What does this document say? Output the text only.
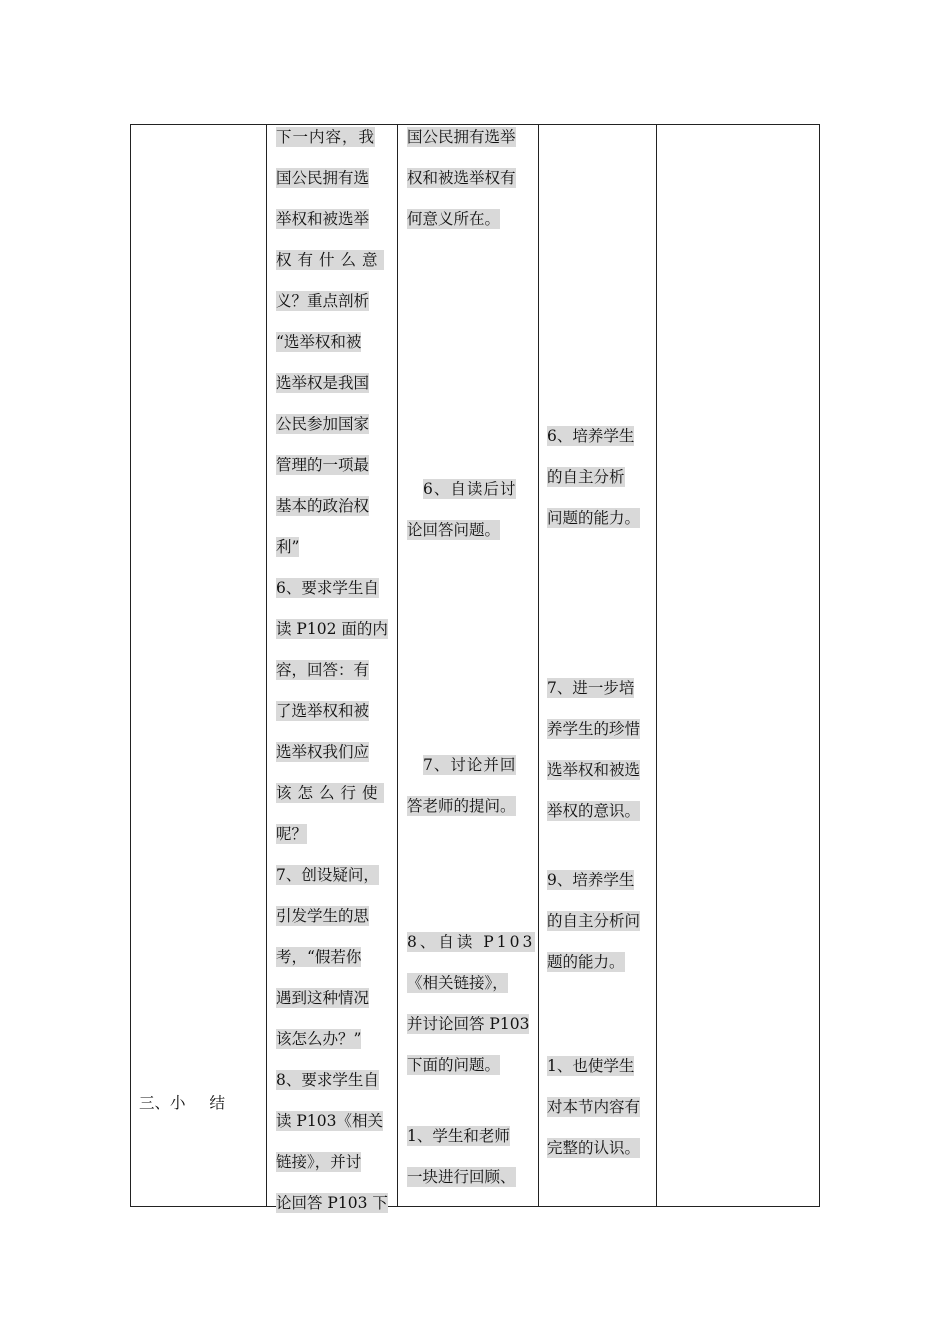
三、小 结
下一内容，我
国公民拥有选
举权和被选举
权有什么意
义？重点剖析
“选举权和被
选举权是我国
公民参加国家
管理的一项最
基本的政治权
利”
6、要求学生自
读 P102 面的内
容，回答：有
了选举权和被
选举权我们应
该怎么行使
呢？
7、创设疑问，
引发学生的思
考，“假若你
遇到这种情况
该怎么办？”
8、要求学生自
读 P103《相关
链接》，并讨
论回答 P103 下
国公民拥有选举
权和被选举权有
何意义所在。
6、自读后讨
论回答问题。
7、讨论并回
答老师的提问。
8、自读 P103
《相关链接》，
并讨论回答 P103
下面的问题。
1、学生和老师
一块进行回顾、
6、培养学生
的自主分析
问题的能力。
7、进一步培
养学生的珍惜
选举权和被选
举权的意识。
9、培养学生
的自主分析问
题的能力。
1、也使学生
对本节内容有
完整的认识。
